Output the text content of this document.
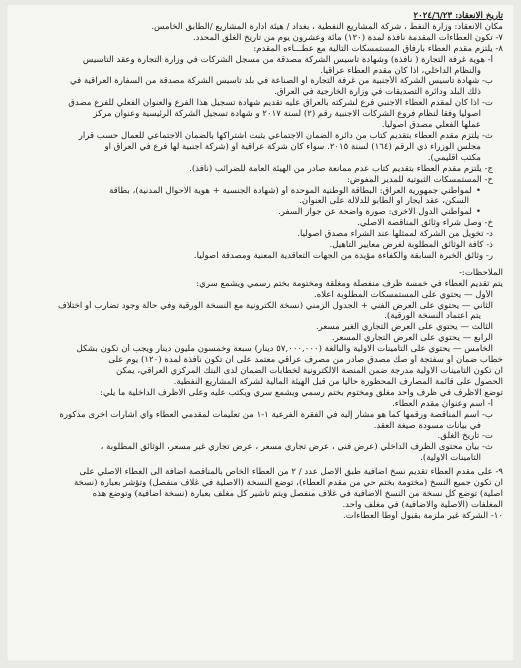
تاريخ الانعقاد: ٢٠٢٤/٦/٢٣
مكان الانعقاد: وزارة النفط ، شركة المشاريع النفطية ، بغداد / هيئة ادارة المشاريع /الطابق الخامس.
٧- تكون العطاءات المقدمة نافذة لمدة (١٢٠) مائة وعشرون يوم من تاريخ الغلق المحدد.
٨- يلتزم مقدم العطاء بارفاق المستمسكات التالية مع عطـــاءه المقدم:
أ- هوية غرفة التجارة ( نافذة) وشهادة تأسيس الشركة مصدقة من مسجل الشركات في وزارة التجارة وعقد التأسيس
والنظام الداخلي، اذا كان مقدم العطاء عراقياً.
ب- شهادة تأسيس الشركة الأجنبية من غرفة التجارة او الصناعة في بلد تأسيس الشركة مصدقة من السفارة العراقية في
ذلك البلد ودائرة التصديقات في وزارة الخارجية في العراق.
ت- اذا كان لمقدم العطاء الاجنبي فرع لشركته بالعراق عليه تقديم شهادة تسجيل هذا الفرع والعنوان الفعلي للفرع مصدق
اصولياً وفقاً لنظام فروع الشركات الاجنبية رقم (٢) لسنة ٢٠١٧ و شهادة تسجيل الشركة الرئيسية وعنوان مركز
عملها الفعلي مصدق اصولياً.
ث- يلتزم مقدم العطاء بتقديم كتاب من دائرة الضمان الاجتماعي يثبت اشتراكها بالضمان الاجتماعي للعمال حسب قرار
مجلس الوزراء ذي الرقم (١٦٤) لسنة ٢٠١٥. سواء كان شركة عراقية او (شركة اجنبية لها فرع في العراق او
مكتب اقليمي).
ج- يلتزم مقدم العطاء بتقديم كتاب عدم ممانعة صادر من الهيئة العامة للضرائب (نافذ).
ح- المستمسكات الثبوتية للمدير المفوض:
• لمواطني جمهورية العراق: البطاقة الوطنية الموحدة أو (شهادة الجنسية + هوية الاحوال المدنية)، بطاقة
السكن، عقد ايجار او الطابو للدلالة على العنوان.
• لمواطني الدول الاخرى: صورة واضحة عن جواز السفر.
خ- وصل شراء وثائق المناقصة الاصلي.
د- تخويل من الشركة لممثلها عند الشراء مصدق اصولياً.
ذ- كافة الوثائق المطلوبة لغرض معايير التأهيل.
ر- وثائق الخبرة السابقة والكفاءة مؤيدة من الجهات التعاقدية المعنية ومصدقة اصولياً.
الملاحظات:-
يتم تقديم العطاء في خمسة ظرف منفصلة ومغلقة ومختومة بختم رسمي ويشمع سري:
الأول — يحتوي على المستمسكات المطلوبة اعلاه.
الثاني — يحتوي على العرض الفني + الجدول الزمني (نسخة الكترونية مع النسخة الورقية وفي حالة وجود تضارب أو اختلاف
يتم اعتماد النسخة الورقية).
الثالث — يحتوي على العرض التجاري الغير مسعر.
الرابع — يحتوي على العرض التجاري المسعر.
الخامس — يحتوي على التأمينات الاولية والبالغة (٥٧,٠٠٠,٠٠٠ دينار) سبعة وخمسون مليون دينار ويجب أن تكون بشكل
خطاب ضمان أو سفتجة أو صك مصدق صادر من مصرف عراقي معتمد على ان تكون نافذة لمدة (١٢٠) يوم على
ان تكون التأمينات الاولية مدرجة ضمن المنصة الالكترونية لخطابات الضمان لدى البنك المركزي العراقي، يمكن
الحصول على قائمة المصارف المحظورة حاليا من قبل الهيئة المالية لشركة المشاريع النفطية.
توضع الاظرف في ظرف واحد مغلق ومختوم بختم رسمي ويشمع سري ويكتب عليه وعلى الاظرف الداخلية ما يلي:
أ- اسم وعنوان مقدم العطاء.
ب- اسم المناقصة ورقمها كما هو مشار إليه في الفقرة الفرعية ١-١ من تعليمات لمقدمي العطاء واي اشارات اخرى مذكورة
في بيانات مسودة صيغة العقد.
ت- تاريخ الغلق.
ث- بيان محتوى الظرف الداخلي (عرض فني ، عرض تجاري مسعر ، عرض تجاري غير مسعر، الوثائق المطلوبة ،
التأمينات الاولية).
٩- على مقدم العطاء تقديم نسخ اضافية طبق الاصل عدد / ٢ من العطاء الخاص بالمناقصة اضافة الى العطاء الاصلي على
ان تكون جميع النسخ (مختومة بختم حي من مقدم العطاء)، توضع النسخة (الاصلية في غلاف منفصل) وتؤشر بعبارة (نسخة
اصلية) توضع كل نسخة من النسخ الاضافية في غلاف منفصل ويتم تأشير كل مغلف بعبارة (نسخة اضافية) وتوضع هذه
المغلفات (الاصلية والاضافية) في مغلف واحد.
١٠- الشركة غير ملزمة بقبول أوطأ العطاءات.
